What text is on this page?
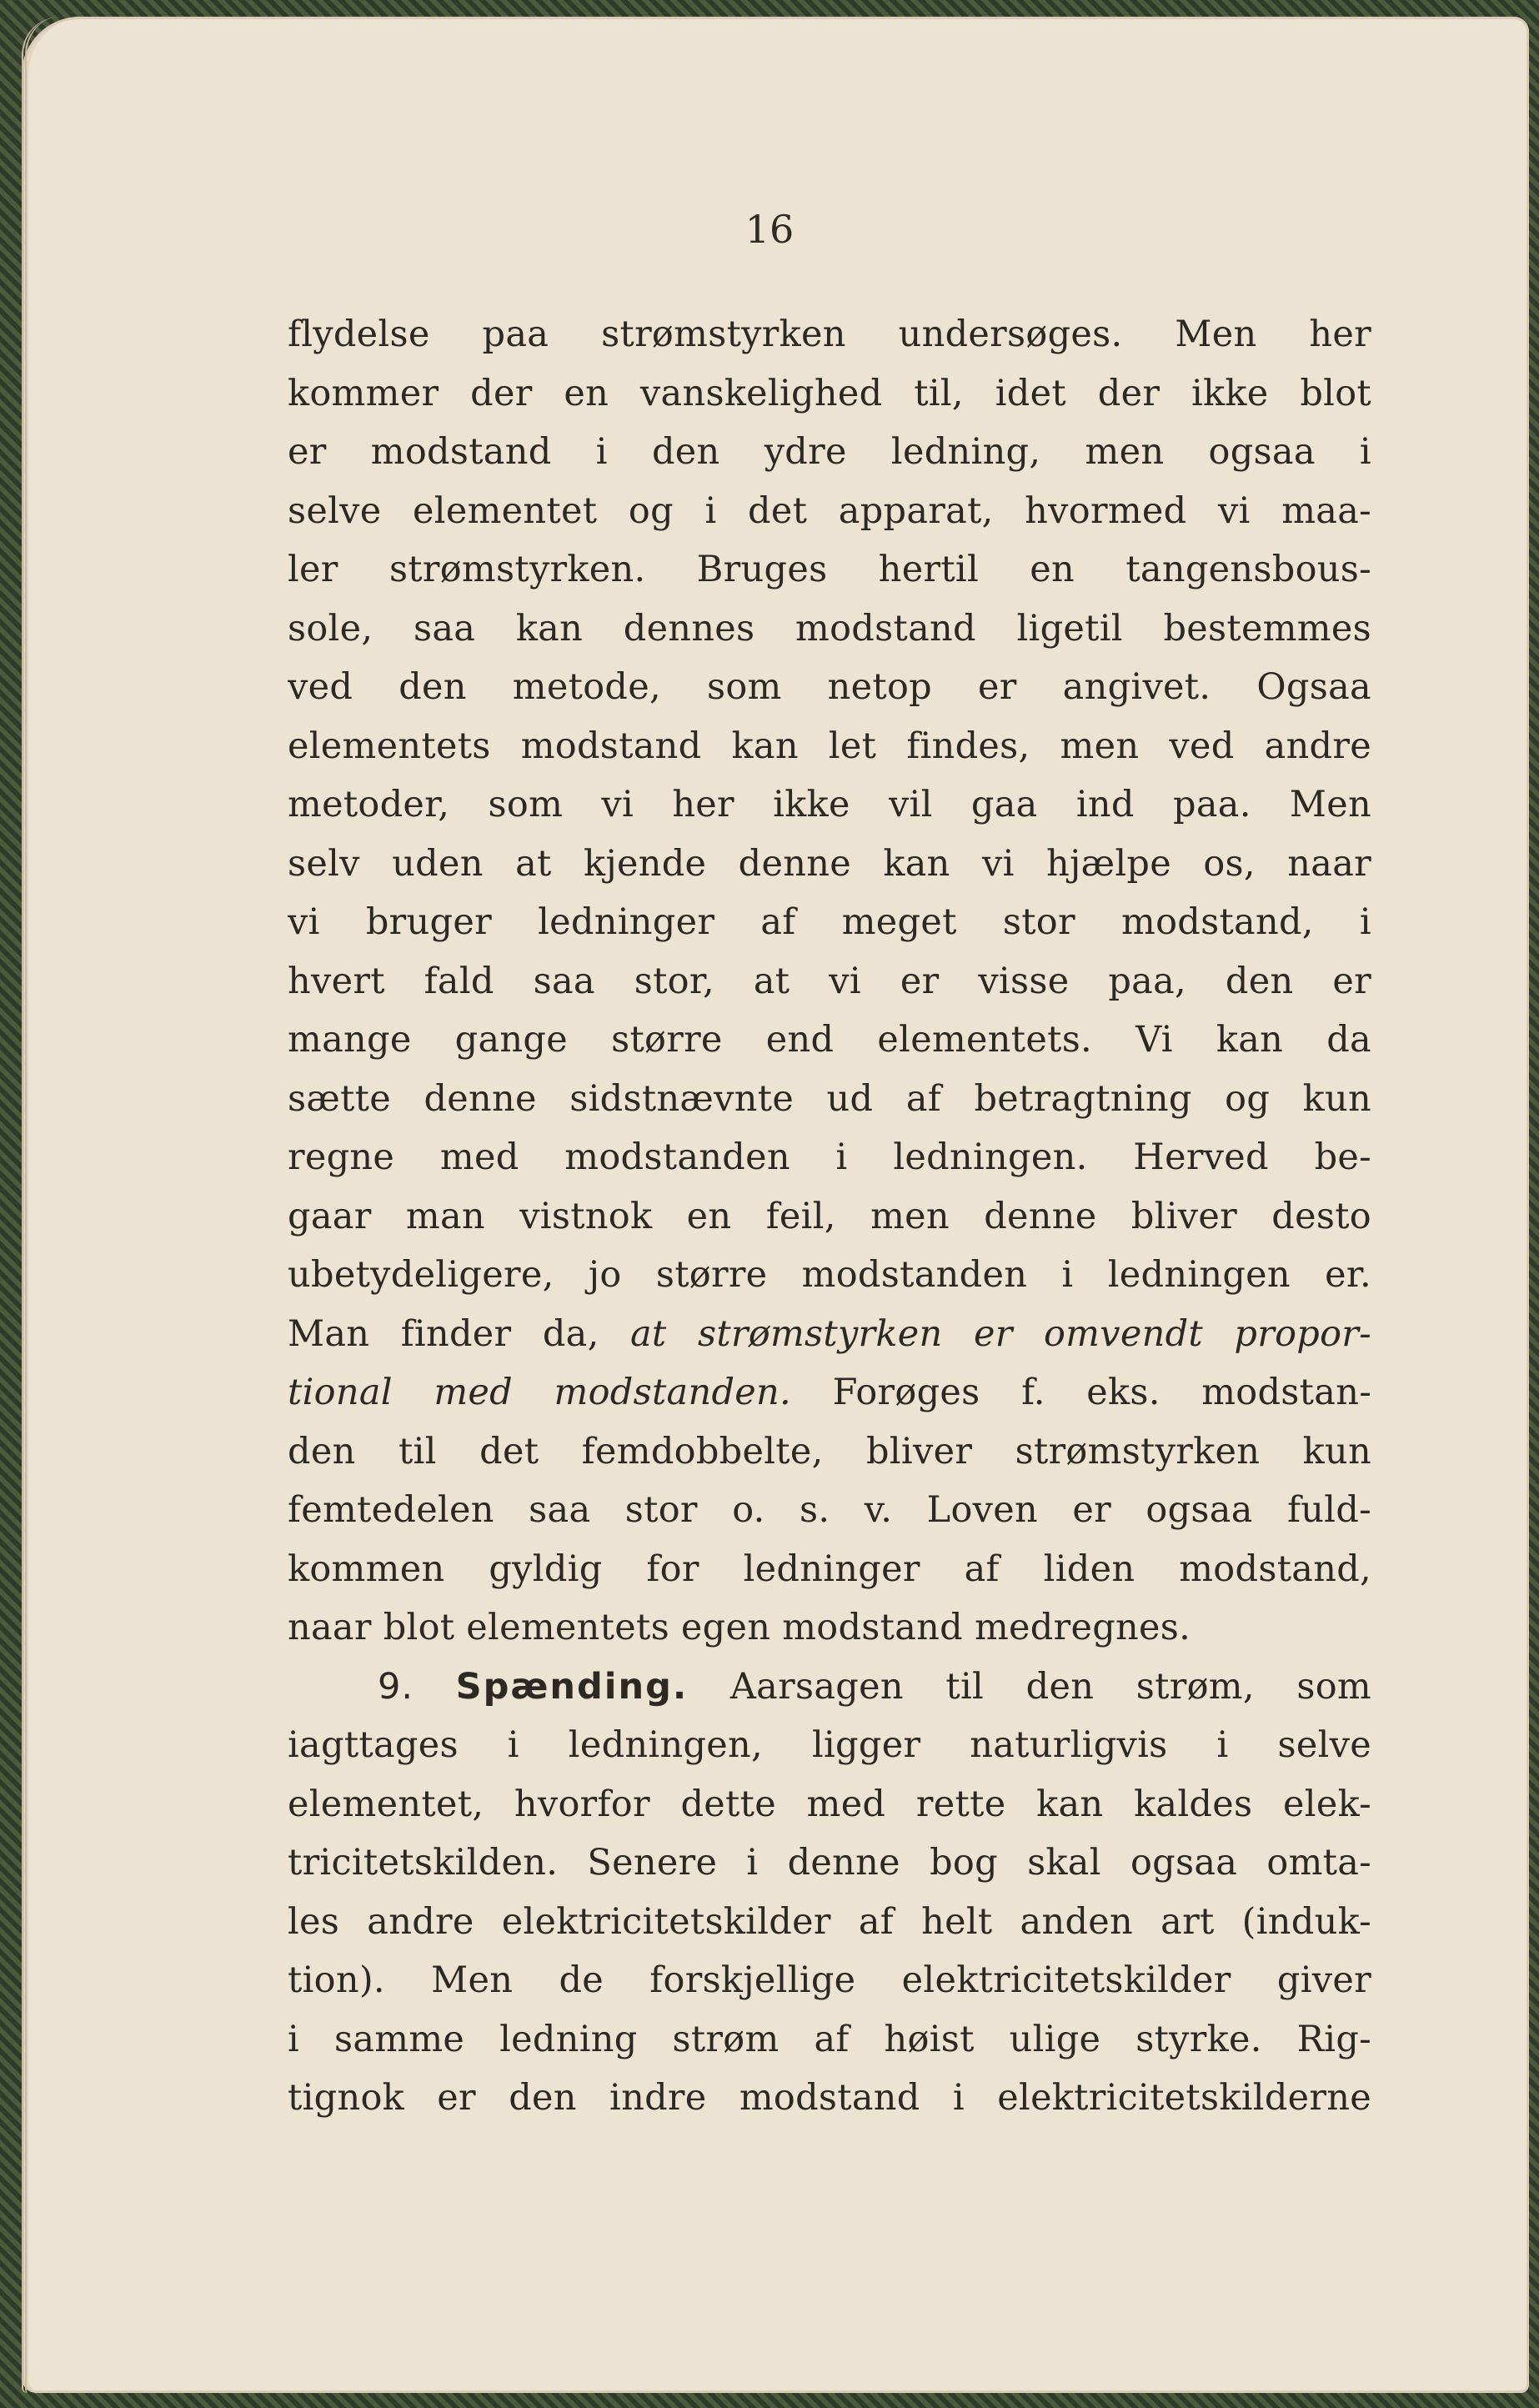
16
flydelse paa strømstyrken undersøges. Men her
kommer der en vanskelighed til, idet der ikke blot
er modstand i den ydre ledning, men ogsaa i
selve elementet og i det apparat, hvormed vi maa-
ler strømstyrken. Bruges hertil en tangensbous-
sole, saa kan dennes modstand ligetil bestemmes
ved den metode, som netop er angivet. Ogsaa
elementets modstand kan let findes, men ved andre
metoder, som vi her ikke vil gaa ind paa. Men
selv uden at kjende denne kan vi hjælpe os, naar
vi bruger ledninger af meget stor modstand, i
hvert fald saa stor, at vi er visse paa, den er
mange gange større end elementets. Vi kan da
sætte denne sidstnævnte ud af betragtning og kun
regne med modstanden i ledningen. Herved be-
gaar man vistnok en feil, men denne bliver desto
ubetydeligere, jo større modstanden i ledningen er.
Man finder da, at strømstyrken er omvendt propor-
tional med modstanden. Forøges f. eks. modstan-
den til det femdobbelte, bliver strømstyrken kun
femtedelen saa stor o. s. v. Loven er ogsaa fuld-
kommen gyldig for ledninger af liden modstand,
naar blot elementets egen modstand medregnes.
9. Spænding. Aarsagen til den strøm, som
iagttages i ledningen, ligger naturligvis i selve
elementet, hvorfor dette med rette kan kaldes elek-
tricitetskilden. Senere i denne bog skal ogsaa omta-
les andre elektricitetskilder af helt anden art (induk-
tion). Men de forskjellige elektricitetskilder giver
i samme ledning strøm af høist ulige styrke. Rig-
tignok er den indre modstand i elektricitetskilderne
